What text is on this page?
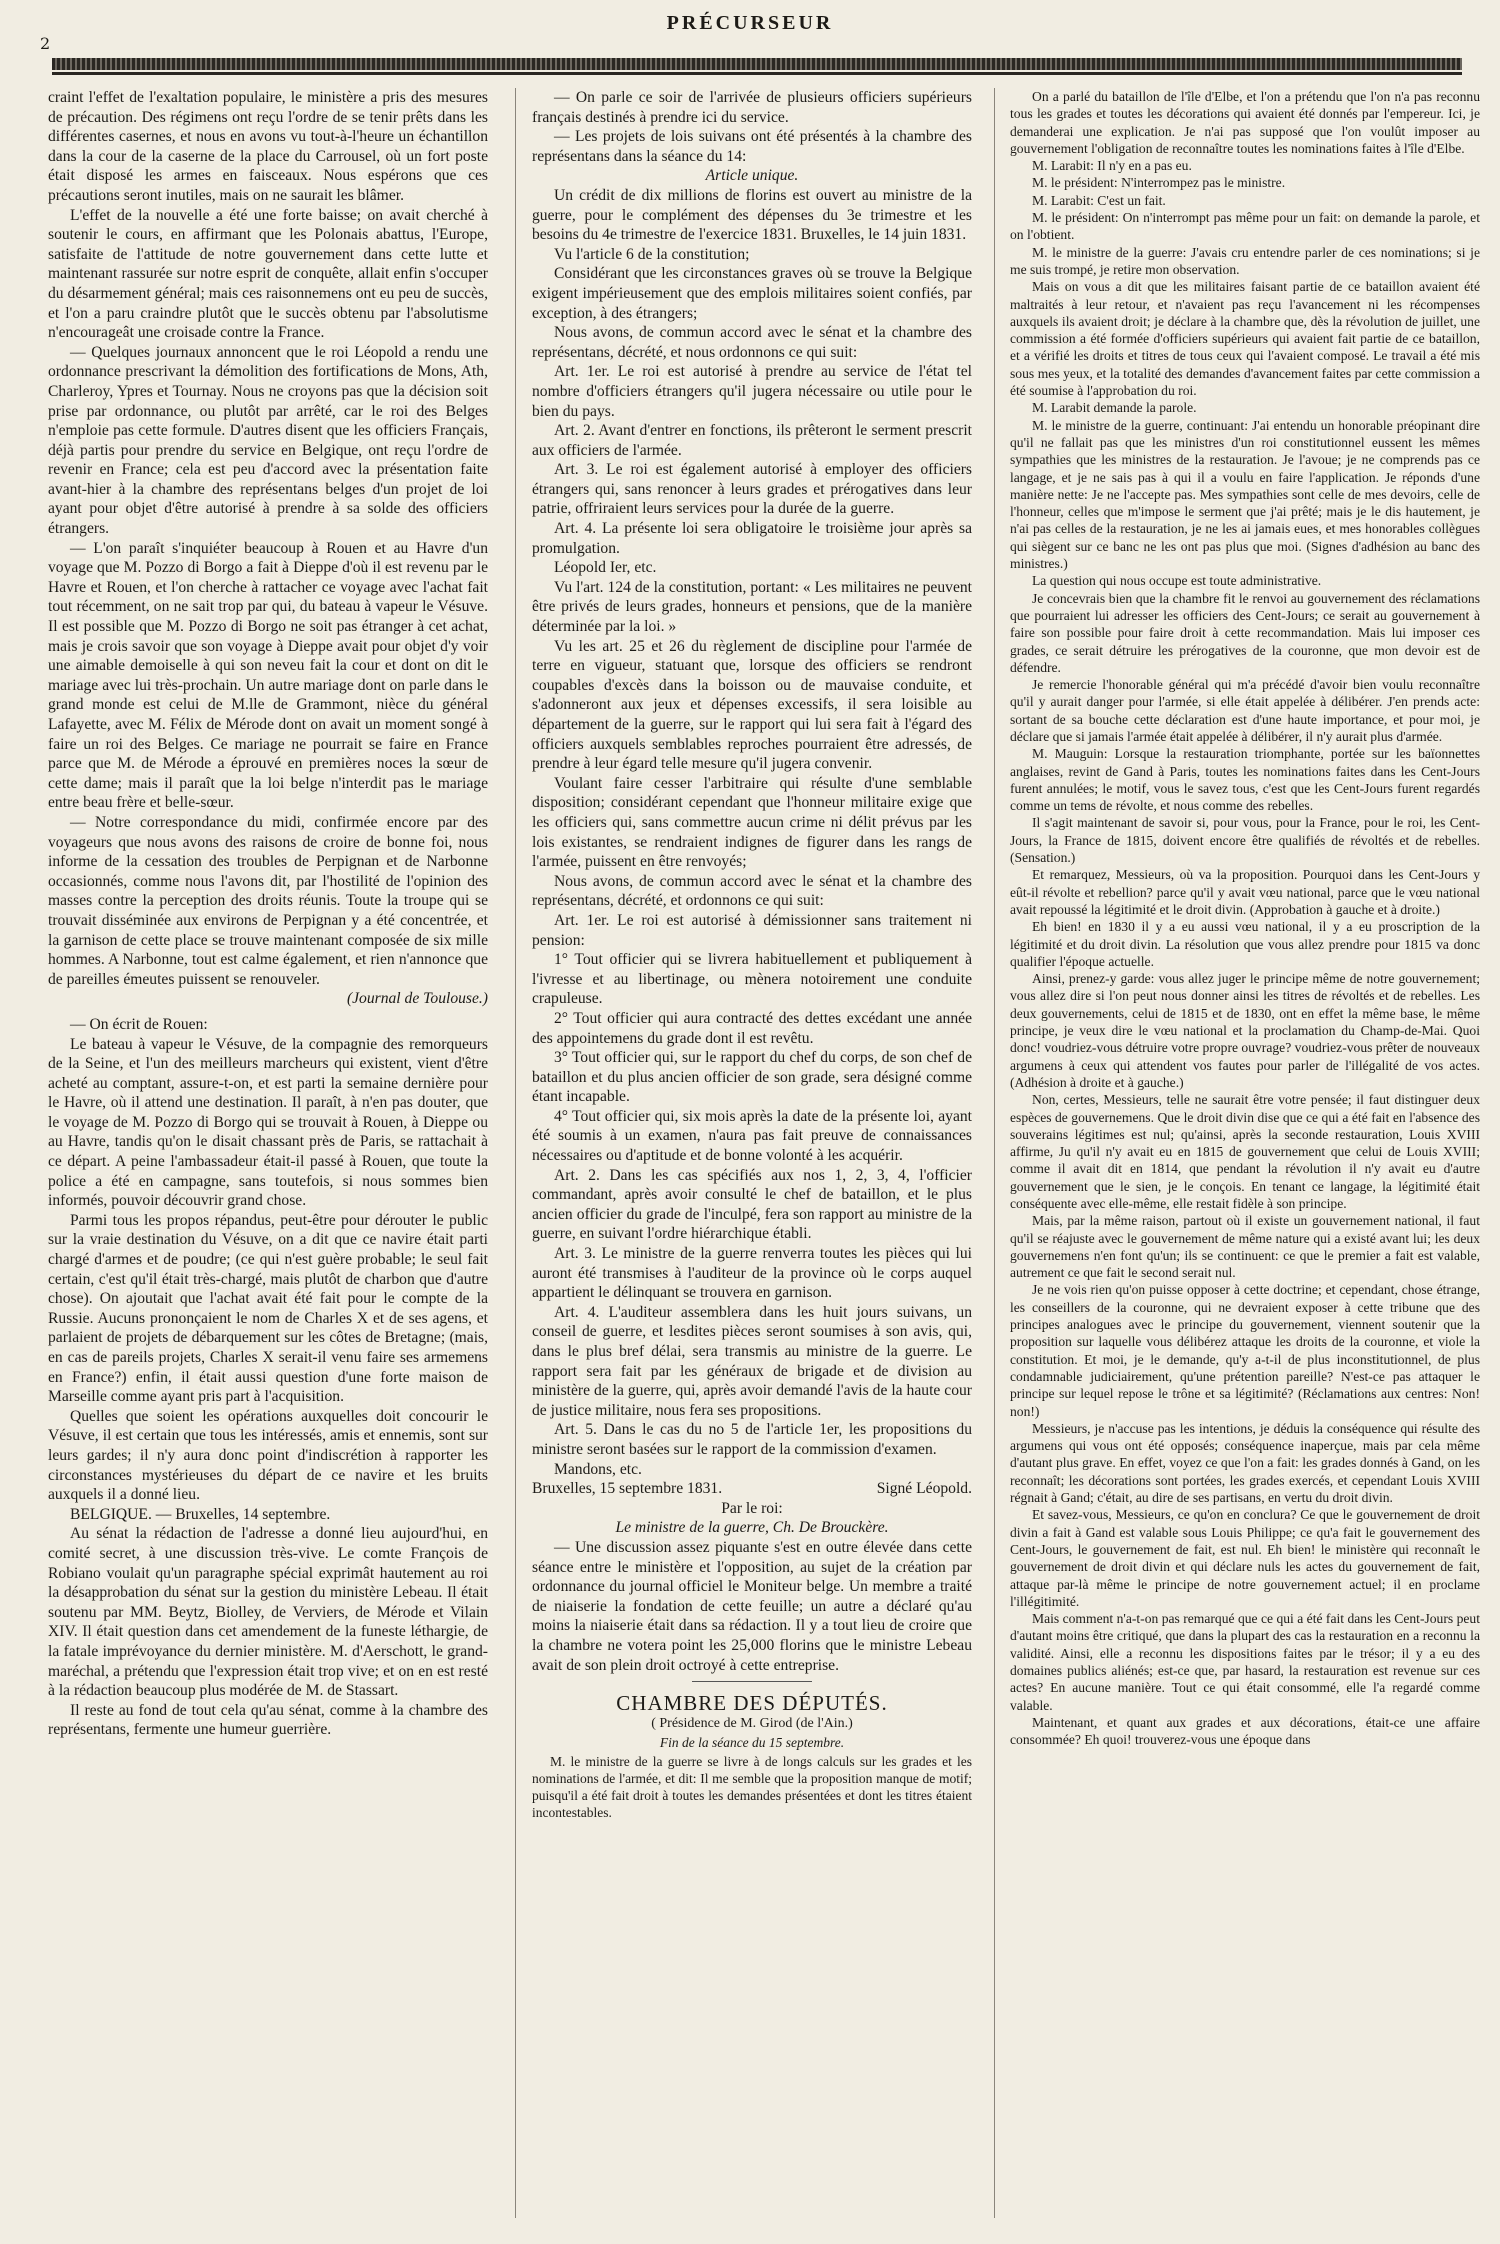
2
PRÉCURSEUR

craint l'effet de l'exaltation populaire, le ministère a pris des mesures de précaution. Des régimens ont reçu l'ordre de se tenir prêts dans les différentes casernes, et nous en avons vu tout-à-l'heure un échantillon dans la cour de la caserne de la place du Carrousel, où un fort poste était disposé les armes en faisceaux. Nous espérons que ces précautions seront inutiles, mais on ne saurait les blâmer.

L'effet de la nouvelle a été une forte baisse; on avait cherché à soutenir le cours, en affirmant que les Polonais abattus, l'Europe, satisfaite de l'attitude de notre gouvernement dans cette lutte et maintenant rassurée sur notre esprit de conquête, allait enfin s'occuper du désarmement général; mais ces raisonnemens ont eu peu de succès, et l'on a paru craindre plutôt que le succès obtenu par l'absolutisme n'encourageât une croisade contre la France.

— Quelques journaux annoncent que le roi Léopold a rendu une ordonnance prescrivant la démolition des fortifications de Mons, Ath, Charleroy, Ypres et Tournay. Nous ne croyons pas que la décision soit prise par ordonnance, ou plutôt par arrêté, car le roi des Belges n'emploie pas cette formule. D'autres disent que les officiers Français, déjà partis pour prendre du service en Belgique, ont reçu l'ordre de revenir en France; cela est peu d'accord avec la présentation faite avant-hier à la chambre des représentans belges d'un projet de loi ayant pour objet d'être autorisé à prendre à sa solde des officiers étrangers.

— L'on paraît s'inquiéter beaucoup à Rouen et au Havre d'un voyage que M. Pozzo di Borgo a fait à Dieppe d'où il est revenu par le Havre et Rouen, et l'on cherche à rattacher ce voyage avec l'achat fait tout récemment, on ne sait trop par qui, du bateau à vapeur le Vésuve. Il est possible que M. Pozzo di Borgo ne soit pas étranger à cet achat, mais je crois savoir que son voyage à Dieppe avait pour objet d'y voir une aimable demoiselle à qui son neveu fait la cour et dont on dit le mariage avec lui très-prochain. Un autre mariage dont on parle dans le grand monde est celui de M.lle de Grammont, nièce du général Lafayette, avec M. Félix de Mérode dont on avait un moment songé à faire un roi des Belges. Ce mariage ne pourrait se faire en France parce que M. de Mérode a éprouvé en premières noces la sœur de cette dame; mais il paraît que la loi belge n'interdit pas le mariage entre beau frère et belle-sœur.

— Notre correspondance du midi, confirmée encore par des voyageurs que nous avons des raisons de croire de bonne foi, nous informe de la cessation des troubles de Perpignan et de Narbonne occasionnés, comme nous l'avons dit, par l'hostilité de l'opinion des masses contre la perception des droits réunis. Toute la troupe qui se trouvait disséminée aux environs de Perpignan y a été concentrée, et la garnison de cette place se trouve maintenant composée de six mille hommes. A Narbonne, tout est calme également, et rien n'annonce que de pareilles émeutes puissent se renouveler.

(Journal de Toulouse.)

— On écrit de Rouen:

Le bateau à vapeur le Vésuve, de la compagnie des remorqueurs de la Seine, et l'un des meilleurs marcheurs qui existent, vient d'être acheté au comptant, assure-t-on, et est parti la semaine dernière pour le Havre, où il attend une destination. Il paraît, à n'en pas douter, que le voyage de M. Pozzo di Borgo qui se trouvait à Rouen, à Dieppe ou au Havre, tandis qu'on le disait chassant près de Paris, se rattachait à ce départ. A peine l'ambassadeur était-il passé à Rouen, que toute la police a été en campagne, sans toutefois, si nous sommes bien informés, pouvoir découvrir grand chose.

Parmi tous les propos répandus, peut-être pour dérouter le public sur la vraie destination du Vésuve, on a dit que ce navire était parti chargé d'armes et de poudre; (ce qui n'est guère probable; le seul fait certain, c'est qu'il était très-chargé, mais plutôt de charbon que d'autre chose). On ajoutait que l'achat avait été fait pour le compte de la Russie. Aucuns prononçaient le nom de Charles X et de ses agens, et parlaient de projets de débarquement sur les côtes de Bretagne; (mais, en cas de pareils projets, Charles X serait-il venu faire ses armemens en France?) enfin, il était aussi question d'une forte maison de Marseille comme ayant pris part à l'acquisition.

Quelles que soient les opérations auxquelles doit concourir le Vésuve, il est certain que tous les intéressés, amis et ennemis, sont sur leurs gardes; il n'y aura donc point d'indiscrétion à rapporter les circonstances mystérieuses du départ de ce navire et les bruits auxquels il a donné lieu.

BELGIQUE. — Bruxelles, 14 septembre.

Au sénat la rédaction de l'adresse a donné lieu aujourd'hui, en comité secret, à une discussion très-vive. Le comte François de Robiano voulait qu'un paragraphe spécial exprimât hautement au roi la désapprobation du sénat sur la gestion du ministère Lebeau. Il était soutenu par MM. Beytz, Biolley, de Verviers, de Mérode et Vilain XIV. Il était question dans cet amendement de la funeste léthargie, de la fatale imprévoyance du dernier ministère. M. d'Aerschott, le grand-maréchal, a prétendu que l'expression était trop vive; et on en est resté à la rédaction beaucoup plus modérée de M. de Stassart.

Il reste au fond de tout cela qu'au sénat, comme à la chambre des représentans, fermente une humeur guerrière.

— On parle ce soir de l'arrivée de plusieurs officiers supérieurs français destinés à prendre ici du service.

— Les projets de lois suivans ont été présentés à la chambre des représentans dans la séance du 14:

Article unique.

Un crédit de dix millions de florins est ouvert au ministre de la guerre, pour le complément des dépenses du 3e trimestre et les besoins du 4e trimestre de l'exercice 1831. Bruxelles, le 14 juin 1831.

Vu l'article 6 de la constitution;

Considérant que les circonstances graves où se trouve la Belgique exigent impérieusement que des emplois militaires soient confiés, par exception, à des étrangers;

Nous avons, de commun accord avec le sénat et la chambre des représentans, décrété, et nous ordonnons ce qui suit:

Art. 1er. Le roi est autorisé à prendre au service de l'état tel nombre d'officiers étrangers qu'il jugera nécessaire ou utile pour le bien du pays.

Art. 2. Avant d'entrer en fonctions, ils prêteront le serment prescrit aux officiers de l'armée.

Art. 3. Le roi est également autorisé à employer des officiers étrangers qui, sans renoncer à leurs grades et prérogatives dans leur patrie, offriraient leurs services pour la durée de la guerre.

Art. 4. La présente loi sera obligatoire le troisième jour après sa promulgation.

Léopold Ier, etc.

Vu l'art. 124 de la constitution, portant: « Les militaires ne peuvent être privés de leurs grades, honneurs et pensions, que de la manière déterminée par la loi. »

Vu les art. 25 et 26 du règlement de discipline pour l'armée de terre en vigueur, statuant que, lorsque des officiers se rendront coupables d'excès dans la boisson ou de mauvaise conduite, et s'adonneront aux jeux et dépenses excessifs, il sera loisible au département de la guerre, sur le rapport qui lui sera fait à l'égard des officiers auxquels semblables reproches pourraient être adressés, de prendre à leur égard telle mesure qu'il jugera convenir.

Voulant faire cesser l'arbitraire qui résulte d'une semblable disposition; considérant cependant que l'honneur militaire exige que les officiers qui, sans commettre aucun crime ni délit prévus par les lois existantes, se rendraient indignes de figurer dans les rangs de l'armée, puissent en être renvoyés;

Nous avons, de commun accord avec le sénat et la chambre des représentans, décrété, et ordonnons ce qui suit:

Art. 1er. Le roi est autorisé à démissionner sans traitement ni pension:

1° Tout officier qui se livrera habituellement et publiquement à l'ivresse et au libertinage, ou mènera notoirement une conduite crapuleuse.

2° Tout officier qui aura contracté des dettes excédant une année des appointemens du grade dont il est revêtu.

3° Tout officier qui, sur le rapport du chef du corps, de son chef de bataillon et du plus ancien officier de son grade, sera désigné comme étant incapable.

4° Tout officier qui, six mois après la date de la présente loi, ayant été soumis à un examen, n'aura pas fait preuve de connaissances nécessaires ou d'aptitude et de bonne volonté à les acquérir.

Art. 2. Dans les cas spécifiés aux nos 1, 2, 3, 4, l'officier commandant, après avoir consulté le chef de bataillon, et le plus ancien officier du grade de l'inculpé, fera son rapport au ministre de la guerre, en suivant l'ordre hiérarchique établi.

Art. 3. Le ministre de la guerre renverra toutes les pièces qui lui auront été transmises à l'auditeur de la province où le corps auquel appartient le délinquant se trouvera en garnison.

Art. 4. L'auditeur assemblera dans les huit jours suivans, un conseil de guerre, et lesdites pièces seront soumises à son avis, qui, dans le plus bref délai, sera transmis au ministre de la guerre. Le rapport sera fait par les généraux de brigade et de division au ministère de la guerre, qui, après avoir demandé l'avis de la haute cour de justice militaire, nous fera ses propositions.

Art. 5. Dans le cas du no 5 de l'article 1er, les propositions du ministre seront basées sur le rapport de la commission d'examen.

Mandons, etc.

Bruxelles, 15 septembre 1831.	Signé Léopold.

Par le roi:

Le ministre de la guerre, Ch. De Brouckère.

— Une discussion assez piquante s'est en outre élevée dans cette séance entre le ministère et l'opposition, au sujet de la création par ordonnance du journal officiel le Moniteur belge. Un membre a traité de niaiserie la fondation de cette feuille; un autre a déclaré qu'au moins la niaiserie était dans sa rédaction. Il y a tout lieu de croire que la chambre ne votera point les 25,000 florins que le ministre Lebeau avait de son plein droit octroyé à cette entreprise.

CHAMBRE DES DÉPUTÉS.

( Présidence de M. Girod (de l'Ain.)

Fin de la séance du 15 septembre.

M. le ministre de la guerre se livre à de longs calculs sur les grades et les nominations de l'armée, et dit: Il me semble que la proposition manque de motif; puisqu'il a été fait droit à toutes les demandes présentées et dont les titres étaient incontestables.

On a parlé du bataillon de l'île d'Elbe, et l'on a prétendu que l'on n'a pas reconnu tous les grades et toutes les décorations qui avaient été donnés par l'empereur. Ici, je demanderai une explication. Je n'ai pas supposé que l'on voulût imposer au gouvernement l'obligation de reconnaître toutes les nominations faites à l'île d'Elbe.

M. Larabit: Il n'y en a pas eu.

M. le président: N'interrompez pas le ministre.

M. Larabit: C'est un fait.

M. le président: On n'interrompt pas même pour un fait: on demande la parole, et on l'obtient.

M. le ministre de la guerre: J'avais cru entendre parler de ces nominations; si je me suis trompé, je retire mon observation.

Mais on vous a dit que les militaires faisant partie de ce bataillon avaient été maltraités à leur retour, et n'avaient pas reçu l'avancement ni les récompenses auxquels ils avaient droit; je déclare à la chambre que, dès la révolution de juillet, une commission a été formée d'officiers supérieurs qui avaient fait partie de ce bataillon, et a vérifié les droits et titres de tous ceux qui l'avaient composé. Le travail a été mis sous mes yeux, et la totalité des demandes d'avancement faites par cette commission a été soumise à l'approbation du roi.

M. Larabit demande la parole.

M. le ministre de la guerre, continuant: J'ai entendu un honorable préopinant dire qu'il ne fallait pas que les ministres d'un roi constitutionnel eussent les mêmes sympathies que les ministres de la restauration. Je l'avoue; je ne comprends pas ce langage, et je ne sais pas à qui il a voulu en faire l'application. Je réponds d'une manière nette: Je ne l'accepte pas. Mes sympathies sont celle de mes devoirs, celle de l'honneur, celles que m'impose le serment que j'ai prêté; mais je le dis hautement, je n'ai pas celles de la restauration, je ne les ai jamais eues, et mes honorables collègues qui siègent sur ce banc ne les ont pas plus que moi. (Signes d'adhésion au banc des ministres.)

La question qui nous occupe est toute administrative.

Je concevrais bien que la chambre fit le renvoi au gouvernement des réclamations que pourraient lui adresser les officiers des Cent-Jours; ce serait au gouvernement à faire son possible pour faire droit à cette recommandation. Mais lui imposer ces grades, ce serait détruire les prérogatives de la couronne, que mon devoir est de défendre.

Je remercie l'honorable général qui m'a précédé d'avoir bien voulu reconnaître qu'il y aurait danger pour l'armée, si elle était appelée à délibérer. J'en prends acte: sortant de sa bouche cette déclaration est d'une haute importance, et pour moi, je déclare que si jamais l'armée était appelée à délibérer, il n'y aurait plus d'armée.

M. Mauguin: Lorsque la restauration triomphante, portée sur les baïonnettes anglaises, revint de Gand à Paris, toutes les nominations faites dans les Cent-Jours furent annulées; le motif, vous le savez tous, c'est que les Cent-Jours furent regardés comme un tems de révolte, et nous comme des rebelles.

Il s'agit maintenant de savoir si, pour vous, pour la France, pour le roi, les Cent-Jours, la France de 1815, doivent encore être qualifiés de révoltés et de rebelles. (Sensation.)

Et remarquez, Messieurs, où va la proposition. Pourquoi dans les Cent-Jours y eût-il révolte et rebellion? parce qu'il y avait vœu national, parce que le vœu national avait repoussé la légitimité et le droit divin. (Approbation à gauche et à droite.)

Eh bien! en 1830 il y a eu aussi vœu national, il y a eu proscription de la légitimité et du droit divin. La résolution que vous allez prendre pour 1815 va donc qualifier l'époque actuelle.

Ainsi, prenez-y garde: vous allez juger le principe même de notre gouvernement; vous allez dire si l'on peut nous donner ainsi les titres de révoltés et de rebelles. Les deux gouvernements, celui de 1815 et de 1830, ont en effet la même base, le même principe, je veux dire le vœu national et la proclamation du Champ-de-Mai. Quoi donc! voudriez-vous détruire votre propre ouvrage? voudriez-vous prêter de nouveaux argumens à ceux qui attendent vos fautes pour parler de l'illégalité de vos actes. (Adhésion à droite et à gauche.)

Non, certes, Messieurs, telle ne saurait être votre pensée; il faut distinguer deux espèces de gouvernemens. Que le droit divin dise que ce qui a été fait en l'absence des souverains légitimes est nul; qu'ainsi, après la seconde restauration, Louis XVIII affirme, Ju qu'il n'y avait eu en 1815 de gouvernement que celui de Louis XVIII; comme il avait dit en 1814, que pendant la révolution il n'y avait eu d'autre gouvernement que le sien, je le conçois. En tenant ce langage, la légitimité était conséquente avec elle-même, elle restait fidèle à son principe.

Mais, par la même raison, partout où il existe un gouvernement national, il faut qu'il se réajuste avec le gouvernement de même nature qui a existé avant lui; les deux gouvernemens n'en font qu'un; ils se continuent: ce que le premier a fait est valable, autrement ce que fait le second serait nul.

Je ne vois rien qu'on puisse opposer à cette doctrine; et cependant, chose étrange, les conseillers de la couronne, qui ne devraient exposer à cette tribune que des principes analogues avec le principe du gouvernement, viennent soutenir que la proposition sur laquelle vous délibérez attaque les droits de la couronne, et viole la constitution. Et moi, je le demande, qu'y a-t-il de plus inconstitutionnel, de plus condamnable judiciairement, qu'une prétention pareille? N'est-ce pas attaquer le principe sur lequel repose le trône et sa légitimité? (Réclamations aux centres: Non! non!)

Messieurs, je n'accuse pas les intentions, je déduis la conséquence qui résulte des argumens qui vous ont été opposés; conséquence inaperçue, mais par cela même d'autant plus grave. En effet, voyez ce que l'on a fait: les grades donnés à Gand, on les reconnaît; les décorations sont portées, les grades exercés, et cependant Louis XVIII régnait à Gand; c'était, au dire de ses partisans, en vertu du droit divin.

Et savez-vous, Messieurs, ce qu'on en conclura? Ce que le gouvernement de droit divin a fait à Gand est valable sous Louis Philippe; ce qu'a fait le gouvernement des Cent-Jours, le gouvernement de fait, est nul. Eh bien! le ministère qui reconnaît le gouvernement de droit divin et qui déclare nuls les actes du gouvernement de fait, attaque par-là même le principe de notre gouvernement actuel; il en proclame l'illégitimité.

Mais comment n'a-t-on pas remarqué que ce qui a été fait dans les Cent-Jours peut d'autant moins être critiqué, que dans la plupart des cas la restauration en a reconnu la validité. Ainsi, elle a reconnu les dispositions faites par le trésor; il y a eu des domaines publics aliénés; est-ce que, par hasard, la restauration est revenue sur ces actes? En aucune manière. Tout ce qui était consommé, elle l'a regardé comme valable.

Maintenant, et quant aux grades et aux décorations, était-ce une affaire consommée? Eh quoi! trouverez-vous une époque dans
